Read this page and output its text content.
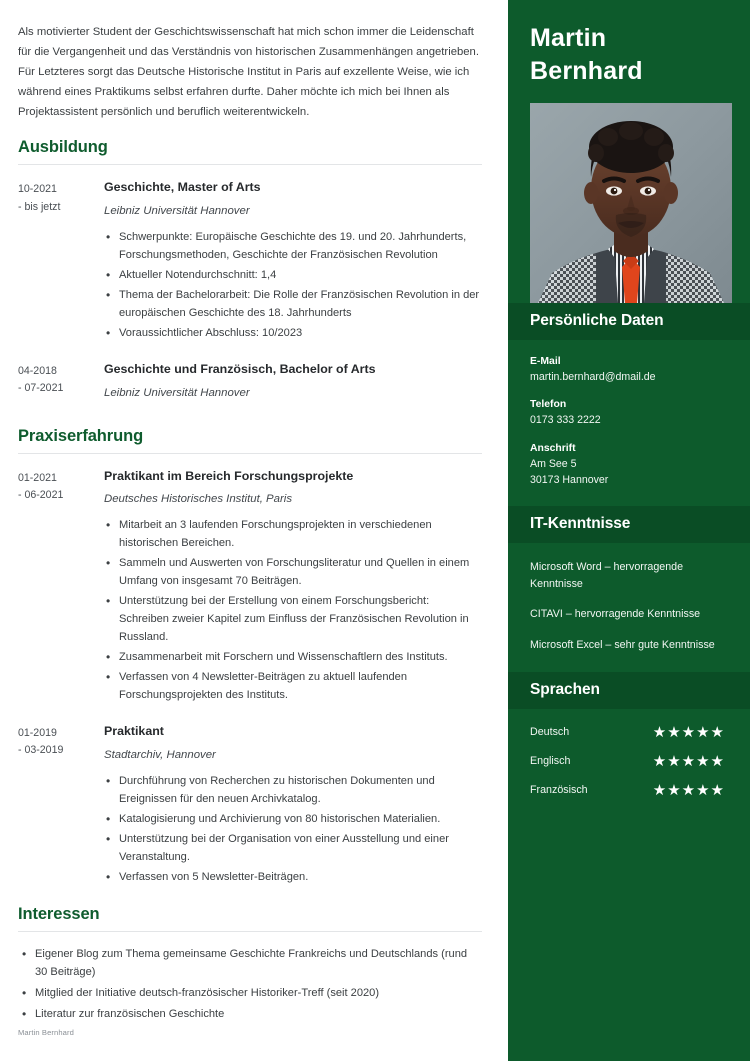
Als motivierter Student der Geschichtswissenschaft hat mich schon immer die Leidenschaft für die Vergangenheit und das Verständnis von historischen Zusammenhängen angetrieben. Für Letzteres sorgt das Deutsche Historische Institut in Paris auf exzellente Weise, wie ich während eines Praktikums selbst erfahren durfte. Daher möchte ich mich bei Ihnen als Projektassistent persönlich und beruflich weiterentwickeln.

Ausbildung
10-2021
- bis jetzt
Geschichte, Master of Arts
Leibniz Universität Hannover
• Schwerpunkte: Europäische Geschichte des 19. und 20. Jahrhunderts, Forschungsmethoden, Geschichte der Französischen Revolution
• Aktueller Notendurchschnitt: 1,4
• Thema der Bachelorarbeit: Die Rolle der Französischen Revolution in der europäischen Geschichte des 18. Jahrhunderts
• Voraussichtlicher Abschluss: 10/2023
04-2018
- 07-2021
Geschichte und Französisch, Bachelor of Arts
Leibniz Universität Hannover
Praxiserfahrung
01-2021
- 06-2021
Praktikant im Bereich Forschungsprojekte
Deutsches Historisches Institut, Paris
• Mitarbeit an 3 laufenden Forschungsprojekten in verschiedenen historischen Bereichen.
• Sammeln und Auswerten von Forschungsliteratur und Quellen in einem Umfang von insgesamt 70 Beiträgen.
• Unterstützung bei der Erstellung von einem Forschungsbericht: Schreiben zweier Kapitel zum Einfluss der Französischen Revolution in Russland.
• Zusammenarbeit mit Forschern und Wissenschaftlern des Instituts.
• Verfassen von 4 Newsletter-Beiträgen zu aktuell laufenden Forschungsprojekten des Instituts.
01-2019
- 03-2019
Praktikant
Stadtarchiv, Hannover
• Durchführung von Recherchen zu historischen Dokumenten und Ereignissen für den neuen Archivkatalog.
• Katalogisierung und Archivierung von 80 historischen Materialien.
• Unterstützung bei der Organisation von einer Ausstellung und einer Veranstaltung.
• Verfassen von 5 Newsletter-Beiträgen.
Interessen
• Eigener Blog zum Thema gemeinsame Geschichte Frankreichs und Deutschlands (rund 30 Beiträge)
• Mitglied der Initiative deutsch-französischer Historiker-Treff (seit 2020)
• Literatur zur französischen Geschichte
Martin Bernhard
Martin
Bernhard
Persönliche Daten
E-Mail
martin.bernhard@dmail.de
Telefon
0173 333 2222
Anschrift
Am See 5
30173 Hannover
IT-Kenntnisse
Microsoft Word – hervorragende Kenntnisse
CITAVI – hervorragende Kenntnisse
Microsoft Excel – sehr gute Kenntnisse
Sprachen
Deutsch	★ ★ ★ ★ ★
Englisch	★ ★ ★ ★ ★
Französisch	★ ★ ★ ★ ★
